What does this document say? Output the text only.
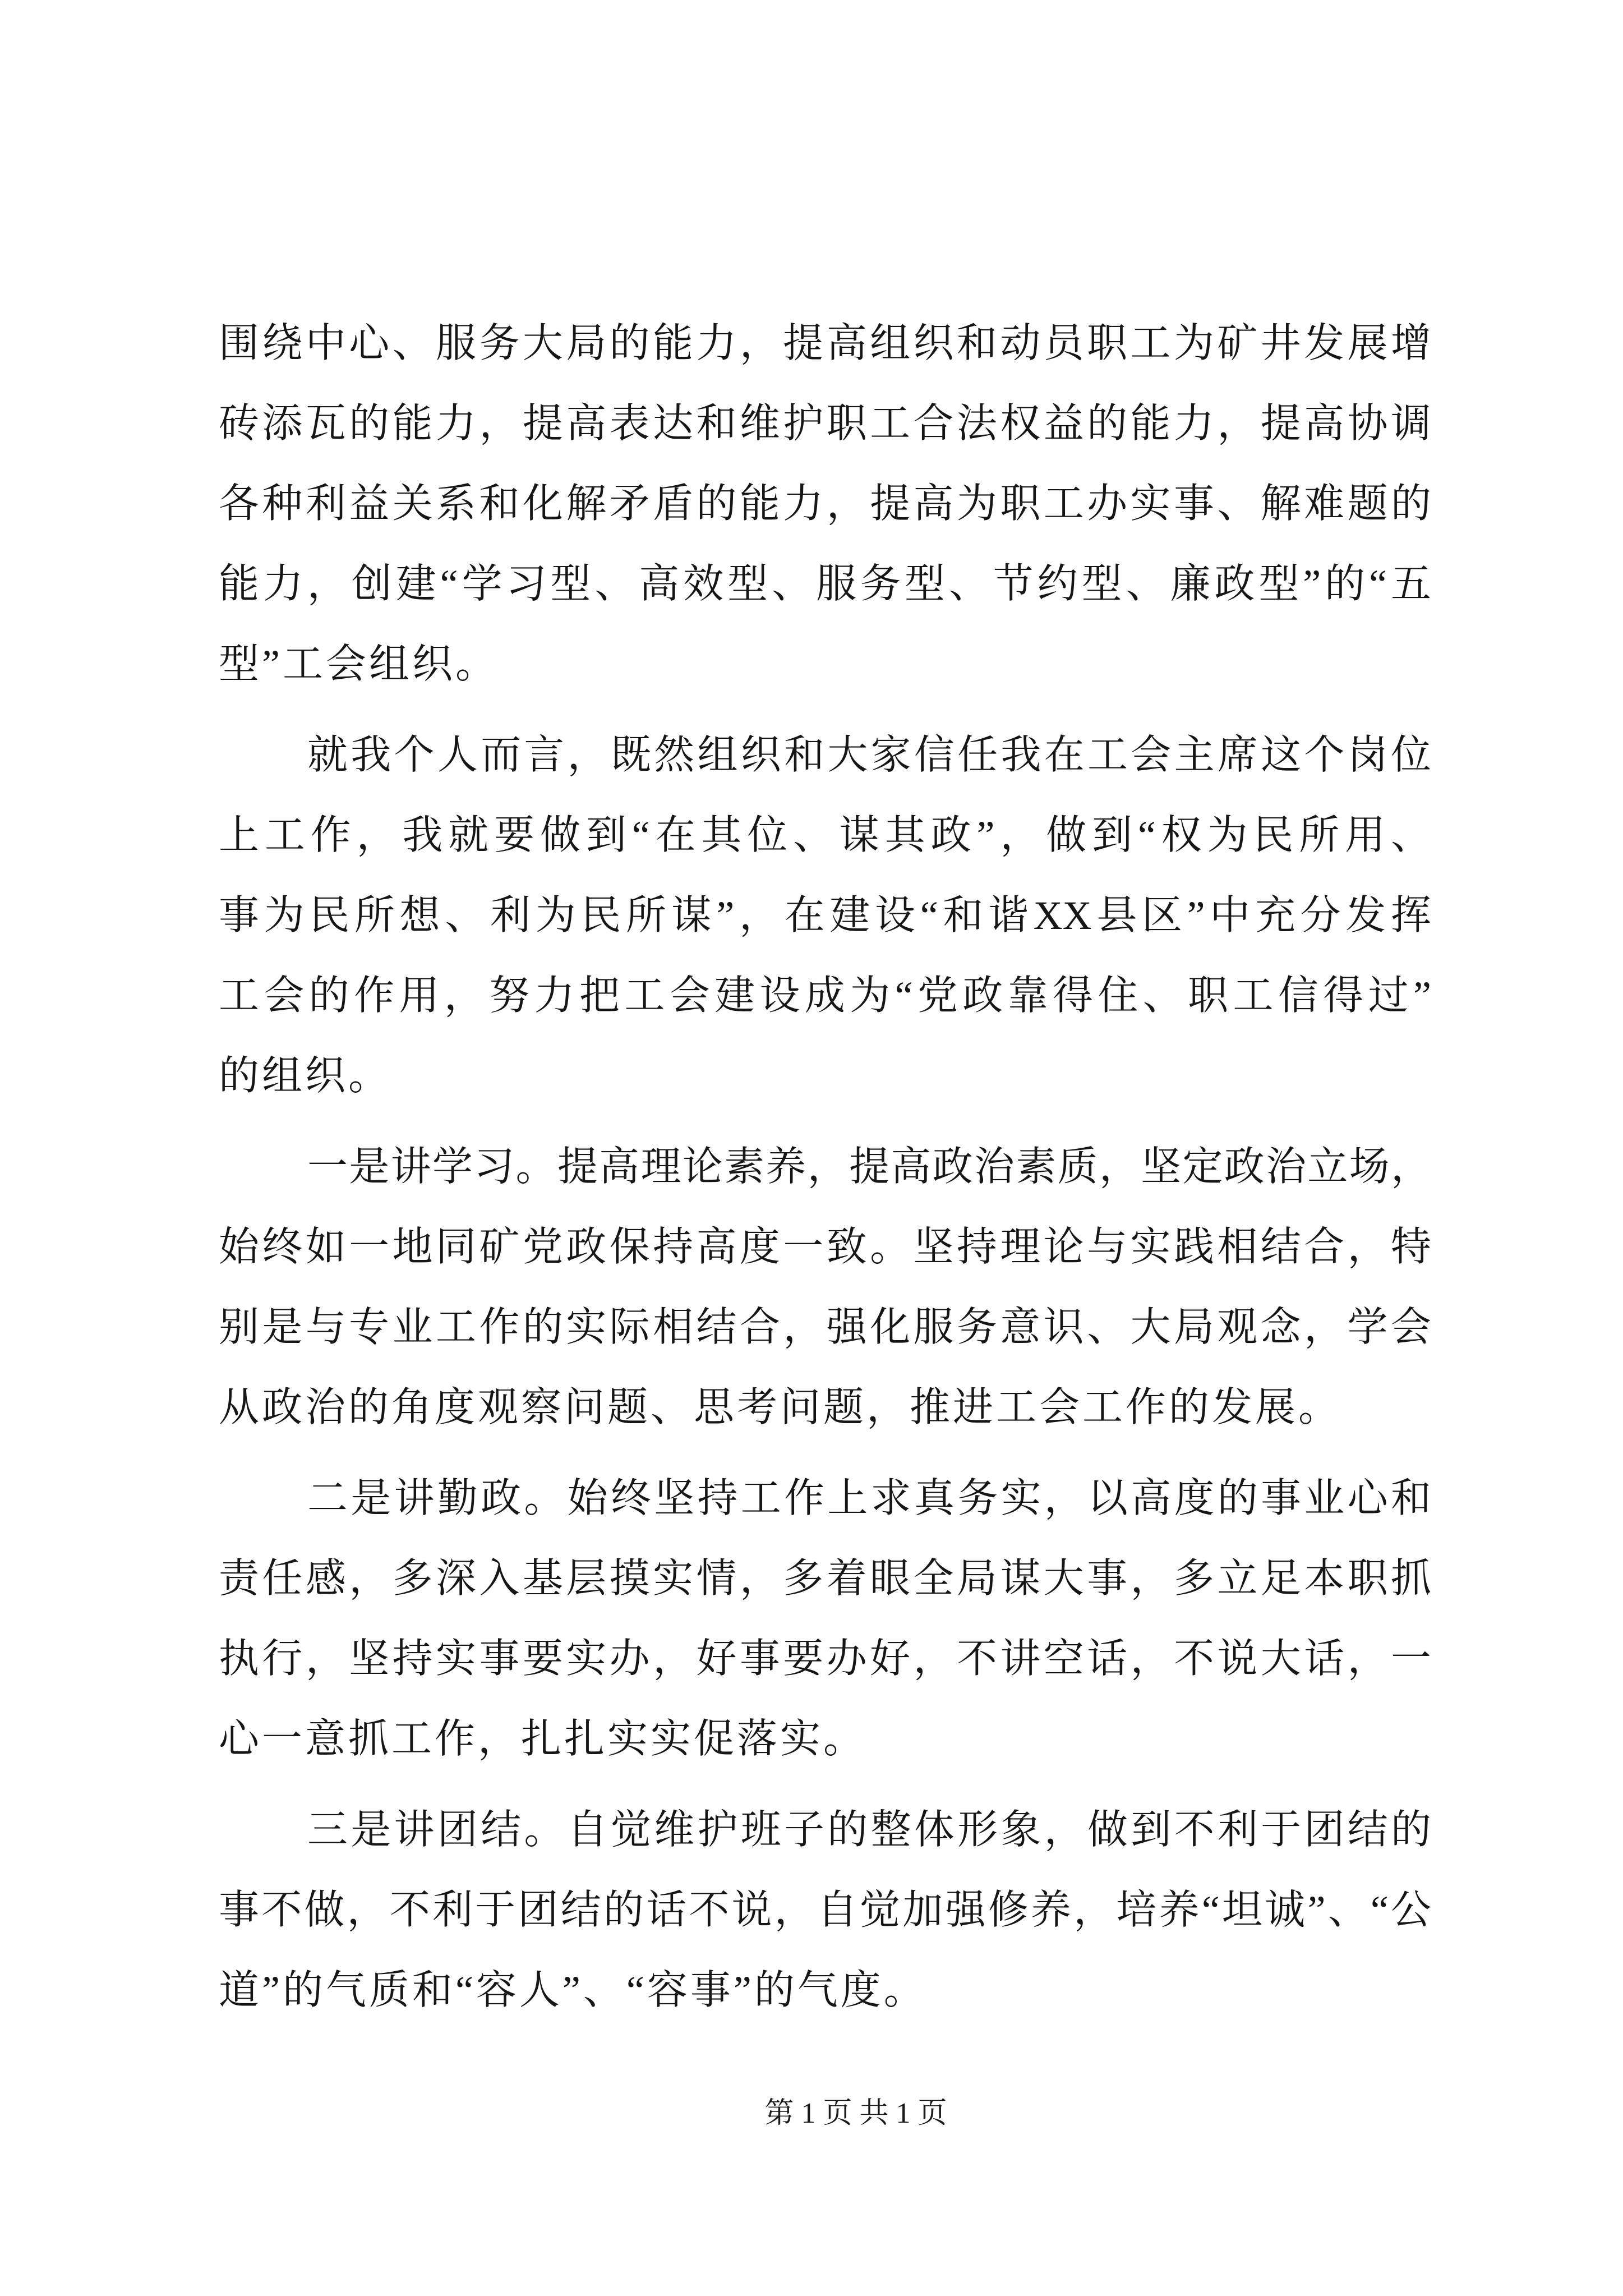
围绕中心、服务大局的能力，提高组织和动员职工为矿井发展增
砖添瓦的能力，提高表达和维护职工合法权益的能力，提高协调
各种利益关系和化解矛盾的能力，提高为职工办实事、解难题的
能力，创建“学习型、高效型、服务型、节约型、廉政型”的“五
型”工会组织。
就我个人而言，既然组织和大家信任我在工会主席这个岗位
上工作，我就要做到“在其位、谋其政”，做到“权为民所用、
事为民所想、利为民所谋”，在建设“和谐XX县区”中充分发挥
工会的作用，努力把工会建设成为“党政靠得住、职工信得过”
的组织。
一是讲学习。提高理论素养，提高政治素质，坚定政治立场，
始终如一地同矿党政保持高度一致。坚持理论与实践相结合，特
别是与专业工作的实际相结合，强化服务意识、大局观念，学会
从政治的角度观察问题、思考问题，推进工会工作的发展。
二是讲勤政。始终坚持工作上求真务实，以高度的事业心和
责任感，多深入基层摸实情，多着眼全局谋大事，多立足本职抓
执行，坚持实事要实办，好事要办好，不讲空话，不说大话，一
心一意抓工作，扎扎实实促落实。
三是讲团结。自觉维护班子的整体形象，做到不利于团结的
事不做，不利于团结的话不说，自觉加强修养，培养“坦诚”、“公
道”的气质和“容人”、“容事”的气度。
第 1 页 共 1 页
